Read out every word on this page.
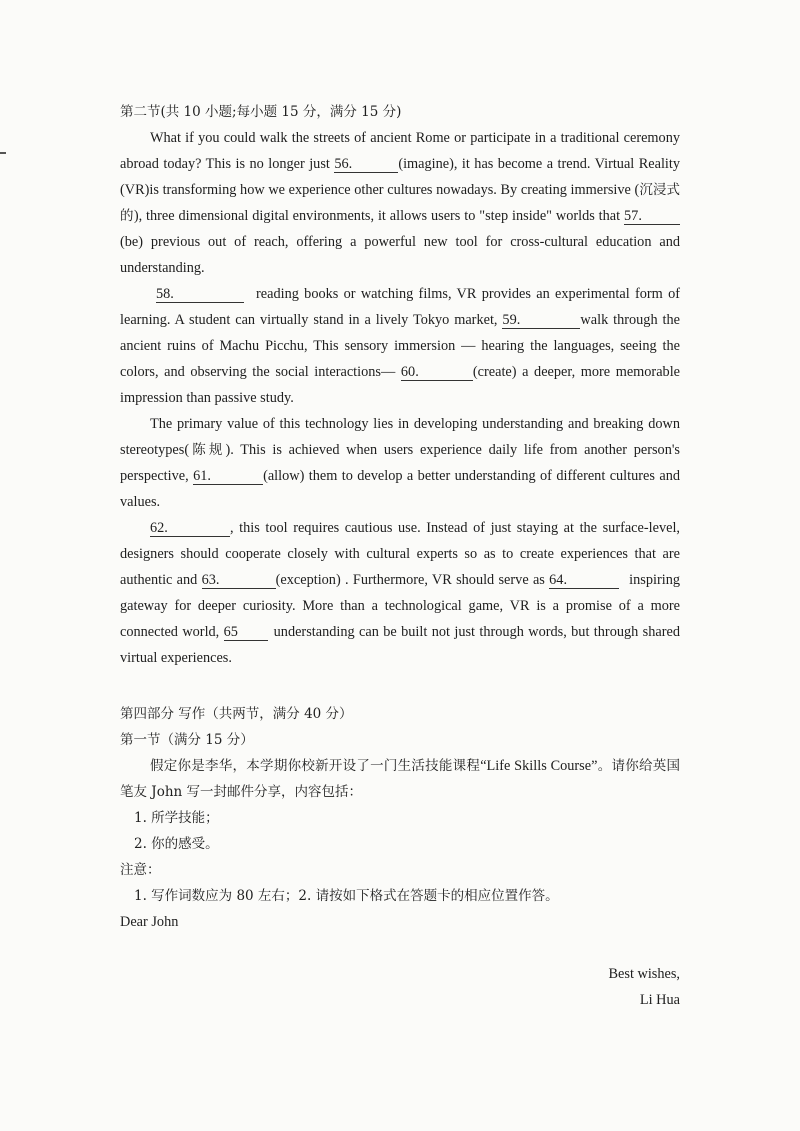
第二节(共 10 小题;每小题 15 分，满分 15 分)
What if you could walk the streets of ancient Rome or participate in a traditional ceremony
abroad today? This is no longer just 56.	(imagine), it has become a trend. Virtual Reality
(VR)is transforming how we experience other cultures nowadays. By creating immersive (沉浸式
的), three dimensional digital environments, it allows users to "step inside" worlds that 57.
(be) previous out of reach, offering a powerful new tool for cross-cultural education and
understanding.
58.	reading books or watching films, VR provides an experimental form of
learning. A student can virtually stand in a lively Tokyo market, 59.	walk through the
ancient ruins of Machu Picchu, This sensory immersion — hearing the languages, seeing the
colors, and observing the social interactions— 60.	(create) a deeper, more memorable
impression than passive study.
The primary value of this technology lies in developing understanding and breaking down
stereotypes(陈规). This is achieved when users experience daily life from another person's
perspective, 61.	(allow) them to develop a better understanding of different cultures and
values.
62.	, this tool requires cautious use. Instead of just staying at the surface-level,
designers should cooperate closely with cultural experts so as to create experiences that are
authentic and 63.	(exception) . Furthermore, VR should serve as 64.	inspiring
gateway for deeper curiosity. More than a technological game, VR is a promise of a more
connected world, 65 understanding can be built not just through words, but through shared
virtual experiences.
第四部分 写作（共两节，满分 40 分）
第一节（满分 15 分）
假定你是李华，本学期你校新开设了一门生活技能课程“Life Skills Course”。请你给英国
笔友 John 写一封邮件分享，内容包括：
1. 所学技能；
2. 你的感受。
注意：
1. 写作词数应为 80 左右；2. 请按如下格式在答题卡的相应位置作答。
Dear John
Best wishes,
Li Hua
